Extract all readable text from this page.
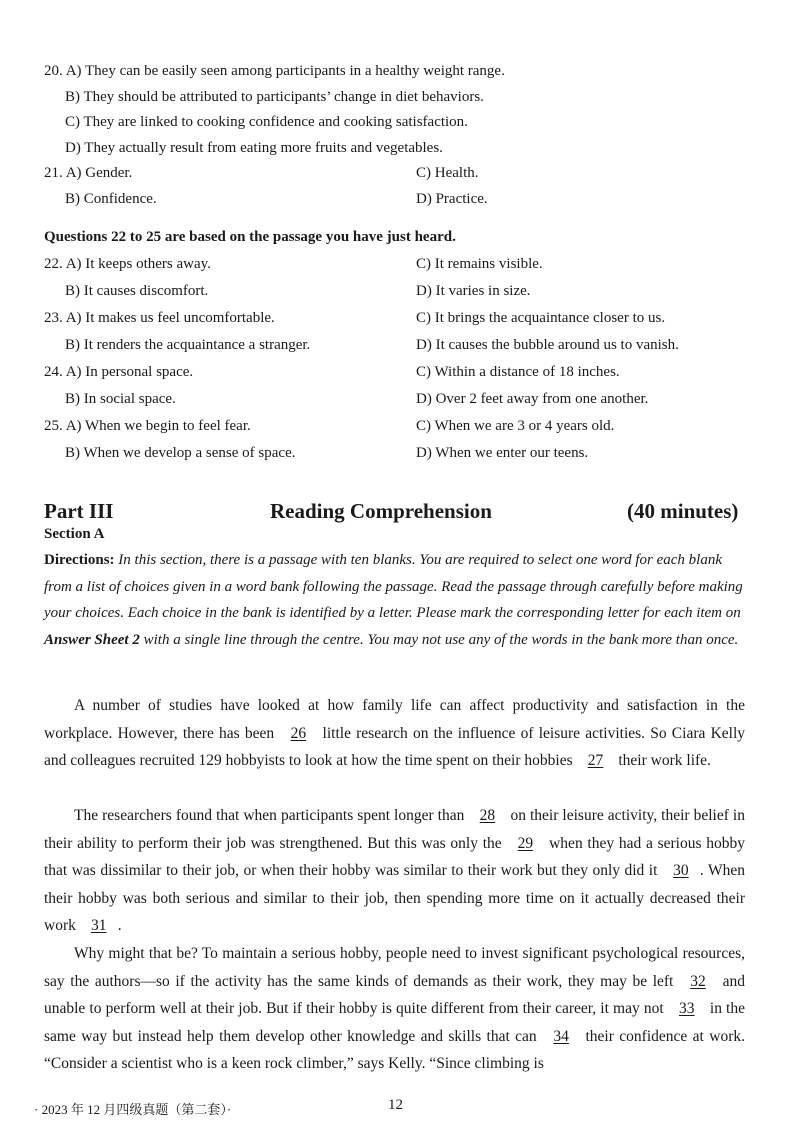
20. A) They can be easily seen among participants in a healthy weight range.
B) They should be attributed to participants’ change in diet behaviors.
C) They are linked to cooking confidence and cooking satisfaction.
D) They actually result from eating more fruits and vegetables.
21. A) Gender.	C) Health.
B) Confidence.	D) Practice.
Questions 22 to 25 are based on the passage you have just heard.
22. A) It keeps others away.	C) It remains visible.
B) It causes discomfort.	D) It varies in size.
23. A) It makes us feel uncomfortable.	C) It brings the acquaintance closer to us.
B) It renders the acquaintance a stranger.	D) It causes the bubble around us to vanish.
24. A) In personal space.	C) Within a distance of 18 inches.
B) In social space.	D) Over 2 feet away from one another.
25. A) When we begin to feel fear.	C) When we are 3 or 4 years old.
B) When we develop a sense of space.	D) When we enter our teens.
Part III	Reading Comprehension	(40 minutes)
Section A
Directions: In this section, there is a passage with ten blanks. You are required to select one word for each blank from a list of choices given in a word bank following the passage. Read the passage through carefully before making your choices. Each choice in the bank is identified by a letter. Please mark the corresponding letter for each item on Answer Sheet 2 with a single line through the centre. You may not use any of the words in the bank more than once.
A number of studies have looked at how family life can affect productivity and satisfaction in the workplace. However, there has been 26 little research on the influence of leisure activities. So Ciara Kelly and colleagues recruited 129 hobbyists to look at how the time spent on their hobbies 27 their work life.
The researchers found that when participants spent longer than 28 on their leisure activity, their belief in their ability to perform their job was strengthened. But this was only the 29 when they had a serious hobby that was dissimilar to their job, or when their hobby was similar to their work but they only did it 30 . When their hobby was both serious and similar to their job, then spending more time on it actually decreased their work 31 .
Why might that be? To maintain a serious hobby, people need to invest significant psychological resources, say the authors—so if the activity has the same kinds of demands as their work, they may be left 32 and unable to perform well at their job. But if their hobby is quite different from their career, it may not 33 in the same way but instead help them develop other knowledge and skills that can 34 their confidence at work. “Consider a scientist who is a keen rock climber,” says Kelly. “Since climbing is
· 2023 年 12 月四级真题（第二套）·	12
